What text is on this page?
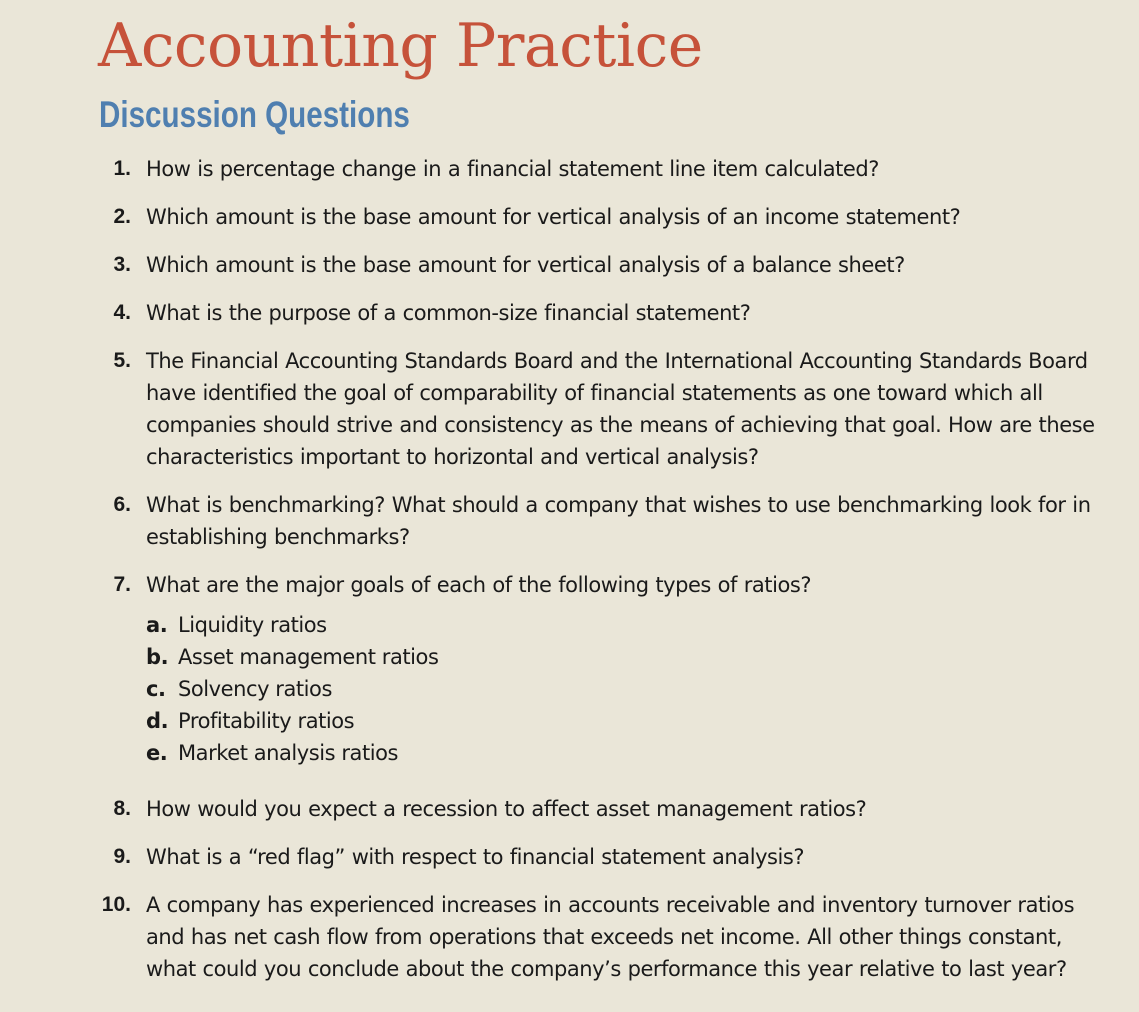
Accounting Practice
Discussion Questions
1. How is percentage change in a financial statement line item calculated?
2. Which amount is the base amount for vertical analysis of an income statement?
3. Which amount is the base amount for vertical analysis of a balance sheet?
4. What is the purpose of a common-size financial statement?
5. The Financial Accounting Standards Board and the International Accounting Standards Board have identified the goal of comparability of financial statements as one toward which all companies should strive and consistency as the means of achieving that goal. How are these characteristics important to horizontal and vertical analysis?
6. What is benchmarking? What should a company that wishes to use benchmarking look for in establishing benchmarks?
7. What are the major goals of each of the following types of ratios?
a. Liquidity ratios
b. Asset management ratios
c. Solvency ratios
d. Profitability ratios
e. Market analysis ratios
8. How would you expect a recession to affect asset management ratios?
9. What is a “red flag” with respect to financial statement analysis?
10. A company has experienced increases in accounts receivable and inventory turnover ratios and has net cash flow from operations that exceeds net income. All other things constant, what could you conclude about the company’s performance this year relative to last year?
